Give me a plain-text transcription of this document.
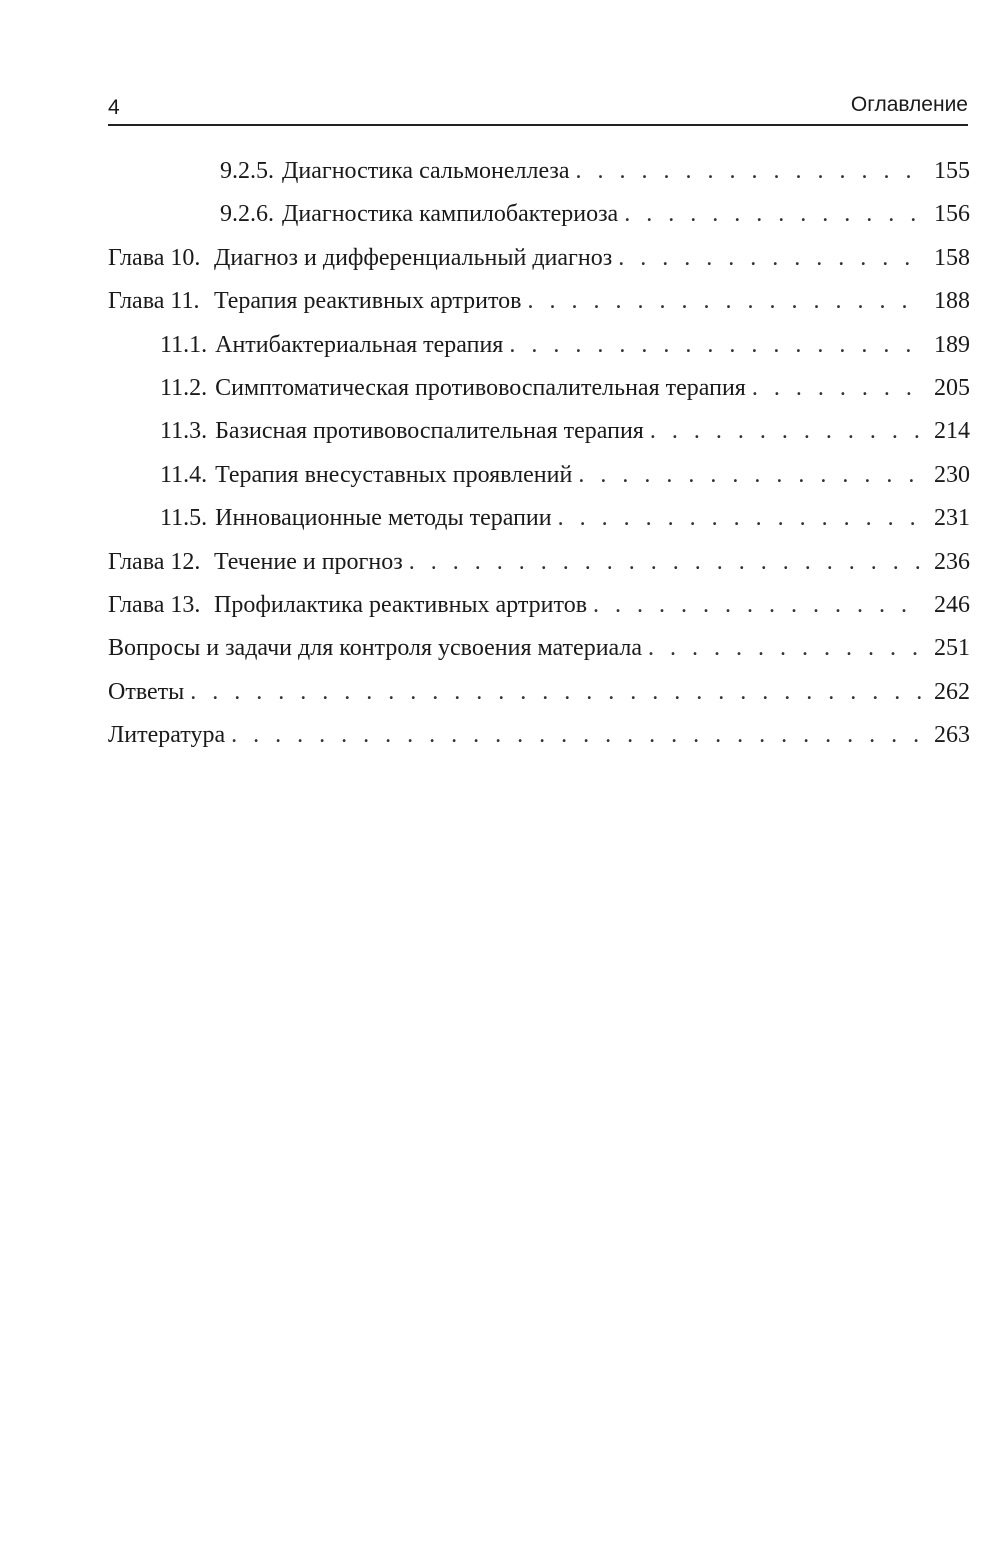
4	Оглавление
9.2.5. Диагностика сальмонеллеза . . .	155
9.2.6. Диагностика кампилобактериоза . . .	156
Глава 10. Диагноз и дифференциальный диагноз . . .	158
Глава 11. Терапия реактивных артритов . . .	188
11.1. Антибактериальная терапия . . .	189
11.2. Симптоматическая противовоспалительная терапия . . .	205
11.3. Базисная противовоспалительная терапия . . .	214
11.4. Терапия внесуставных проявлений . . .	230
11.5. Инновационные методы терапии . . .	231
Глава 12. Течение и прогноз . . .	236
Глава 13. Профилактика реактивных артритов . . .	246
Вопросы и задачи для контроля усвоения материала . . .	251
Ответы . . .	262
Литература . . .	263
